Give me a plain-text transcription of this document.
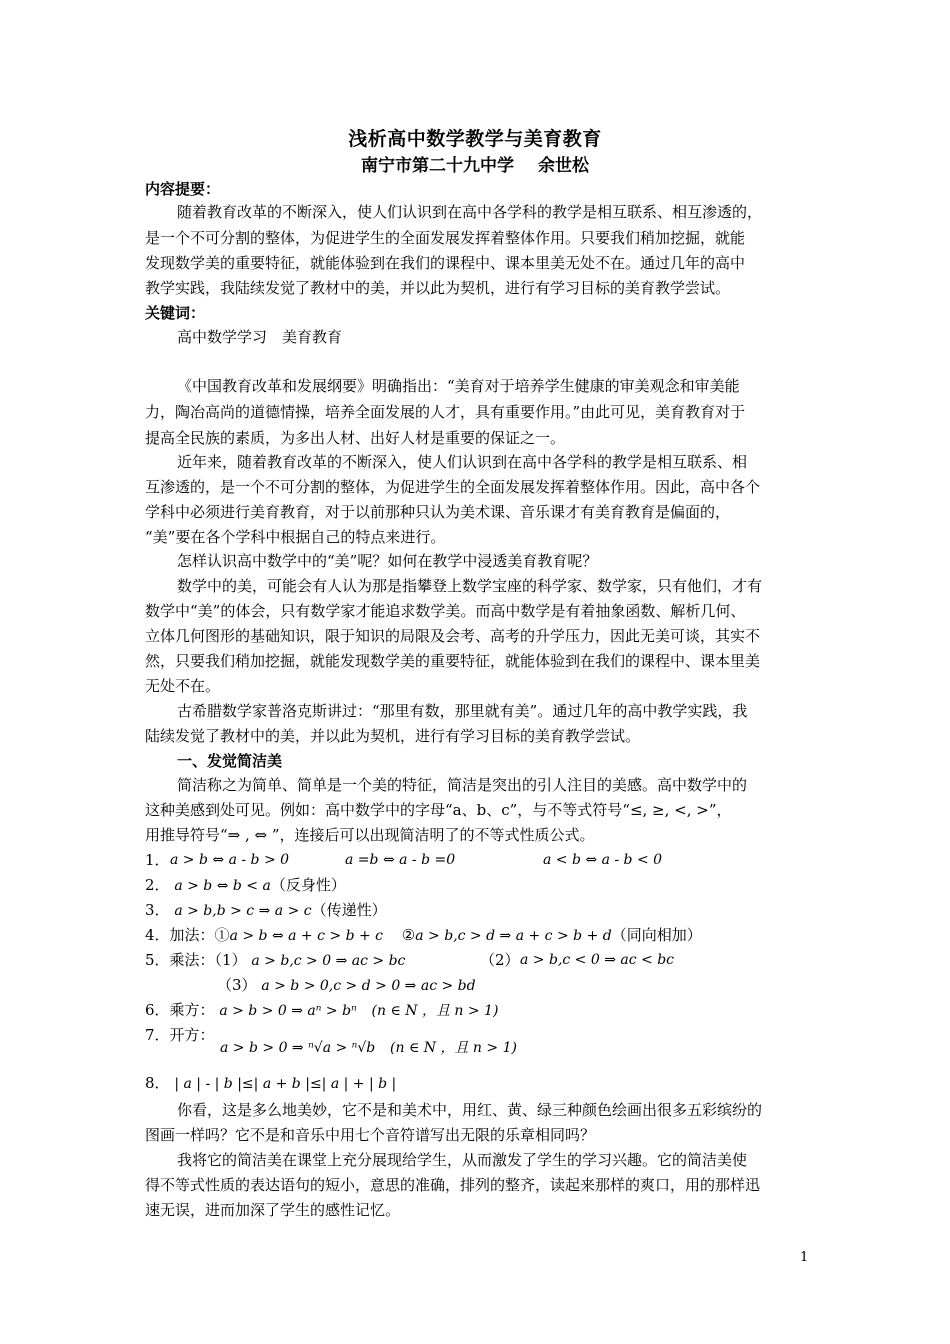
浅析高中数学教学与美育教育
南宁市第二十九中学 余世松
内容提要：
随着教育改革的不断深入，使人们认识到在高中各学科的教学是相互联系、相互渗透的，
是一个不可分割的整体，为促进学生的全面发展发挥着整体作用。只要我们稍加挖掘，就能
发现数学美的重要特征，就能体验到在我们的课程中、课本里美无处不在。通过几年的高中
教学实践，我陆续发觉了教材中的美，并以此为契机，进行有学习目标的美育教学尝试。
关键词：
高中数学学习　美育教育
《中国教育改革和发展纲要》明确指出：“美育对于培养学生健康的审美观念和审美能
力，陶冶高尚的道德情操，培养全面发展的人才，具有重要作用。”由此可见，美育教育对于
提高全民族的素质，为多出人材、出好人材是重要的保证之一。
近年来，随着教育改革的不断深入，使人们认识到在高中各学科的教学是相互联系、相
互渗透的，是一个不可分割的整体，为促进学生的全面发展发挥着整体作用。因此，高中各个
学科中必须进行美育教育，对于以前那种只认为美术课、音乐课才有美育教育是偏面的，
“美”要在各个学科中根据自己的特点来进行。
怎样认识高中数学中的“美”呢？如何在教学中浸透美育教育呢？
数学中的美，可能会有人认为那是指攀登上数学宝座的科学家、数学家，只有他们，才有
数学中“美”的体会，只有数学家才能追求数学美。而高中数学是有着抽象函数、解析几何、
立体几何图形的基础知识，限于知识的局限及会考、高考的升学压力，因此无美可谈，其实不
然，只要我们稍加挖掘，就能发现数学美的重要特征，就能体验到在我们的课程中、课本里美
无处不在。
古希腊数学家普洛克斯讲过：“那里有数，那里就有美”。通过几年的高中教学实践，我
陆续发觉了教材中的美，并以此为契机，进行有学习目标的美育教学尝试。
一、发觉简洁美
简洁称之为简单、简单是一个美的特征，简洁是突出的引人注目的美感。高中数学中的
这种美感到处可见。例如：高中数学中的字母“a、b、c”，与不等式符号“≤, ≥, <, >”，
用推导符号“⇒ , ⇔ ”，连接后可以出现简洁明了的不等式性质公式。
1． a > b ⇔ a - b > 0	a =b ⇔ a - b =0	a < b ⇔ a - b < 0
2． a > b ⇔ b < a（反身性）
3． a > b,b > c ⇒ a > c（传递性）
4．加法：①a > b ⇔ a + c > b + c ②a > b,c > d ⇒ a + c > b + d（同向相加）
5．乘法：（1） a > b,c > 0 ⇒ ac > bc	（2） a > b,c < 0 ⇒ ac < bc
（3） a > b > 0,c > d > 0 ⇒ ac > bd
6．乘方： a > b > 0 ⇒ aⁿ > bⁿ (n ∈ N ，且 n > 1)
7．开方：
a > b > 0 ⇒ ⁿ√a > ⁿ√b (n ∈ N ，且 n > 1)
8． | a | - | b |≤| a + b |≤| a | + | b |
你看，这是多么地美妙，它不是和美术中，用红、黄、绿三种颜色绘画出很多五彩缤纷的
图画一样吗？它不是和音乐中用七个音符谱写出无限的乐章相同吗？
我将它的简洁美在课堂上充分展现给学生，从而激发了学生的学习兴趣。它的简洁美使
得不等式性质的表达语句的短小，意思的准确，排列的整齐，读起来那样的爽口，用的那样迅
速无误，进而加深了学生的感性记忆。
1
